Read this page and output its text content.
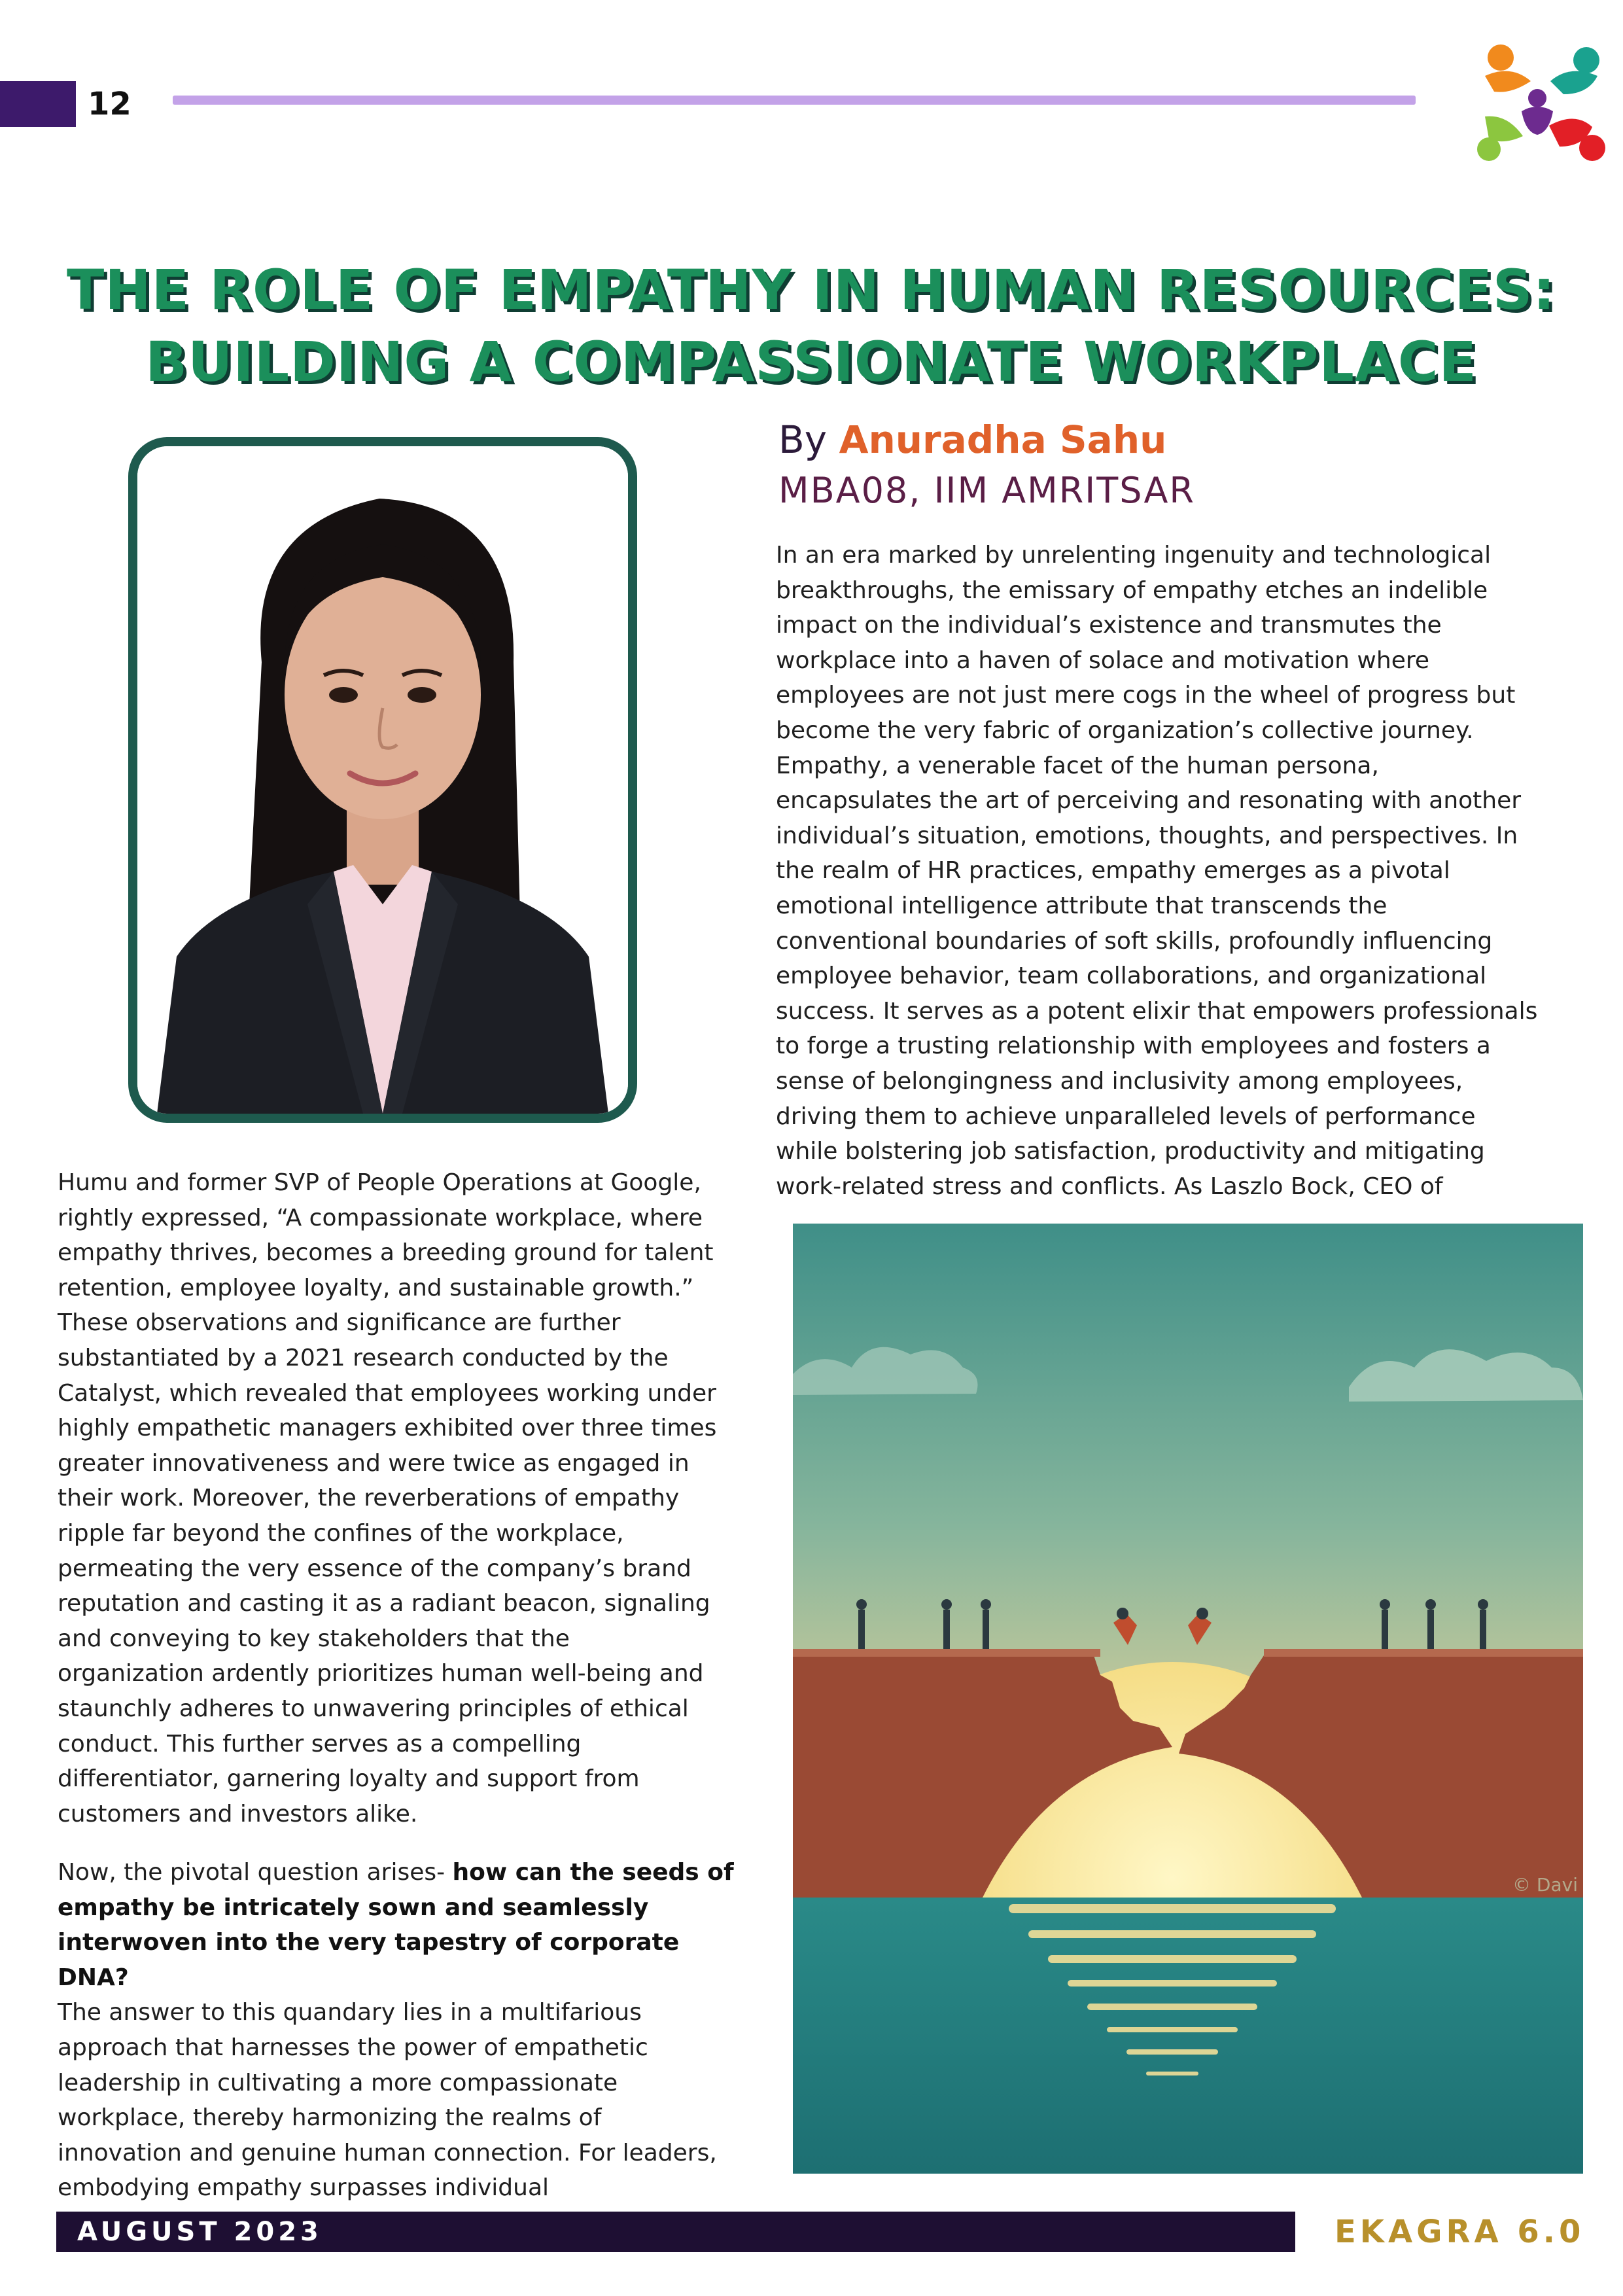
12
THE ROLE OF EMPATHY IN HUMAN RESOURCES:
BUILDING A COMPASSIONATE WORKPLACE
By Anuradha Sahu
MBA08, IIM AMRITSAR
In an era marked by unrelenting ingenuity and technological
breakthroughs, the emissary of empathy etches an indelible
impact on the individual’s existence and transmutes the
workplace into a haven of solace and motivation where
employees are not just mere cogs in the wheel of progress but
become the very fabric of organization’s collective journey.
Empathy, a venerable facet of the human persona,
encapsulates the art of perceiving and resonating with another
individual’s situation, emotions, thoughts, and perspectives. In
the realm of HR practices, empathy emerges as a pivotal
emotional intelligence attribute that transcends the
conventional boundaries of soft skills, profoundly influencing
employee behavior, team collaborations, and organizational
success. It serves as a potent elixir that empowers professionals
to forge a trusting relationship with employees and fosters a
sense of belongingness and inclusivity among employees,
driving them to achieve unparalleled levels of performance
while bolstering job satisfaction, productivity and mitigating
work-related stress and conflicts. As Laszlo Bock, CEO of
Humu and former SVP of People Operations at Google,
rightly expressed, “A compassionate workplace, where
empathy thrives, becomes a breeding ground for talent
retention, employee loyalty, and sustainable growth.”
These observations and significance are further
substantiated by a 2021 research conducted by the
Catalyst, which revealed that employees working under
highly empathetic managers exhibited over three times
greater innovativeness and were twice as engaged in
their work. Moreover, the reverberations of empathy
ripple far beyond the confines of the workplace,
permeating the very essence of the company’s brand
reputation and casting it as a radiant beacon, signaling
and conveying to key stakeholders that the
organization ardently prioritizes human well-being and
staunchly adheres to unwavering principles of ethical
conduct. This further serves as a compelling
differentiator, garnering loyalty and support from
customers and investors alike.
Now, the pivotal question arises- how can the seeds of
empathy be intricately sown and seamlessly
interwoven into the very tapestry of corporate DNA?
The answer to this quandary lies in a multifarious
approach that harnesses the power of empathetic
leadership in cultivating a more compassionate
workplace, thereby harmonizing the realms of
innovation and genuine human connection. For leaders,
embodying empathy surpasses individual
© Davi
AUGUST 2023	EKAGRA 6.0
